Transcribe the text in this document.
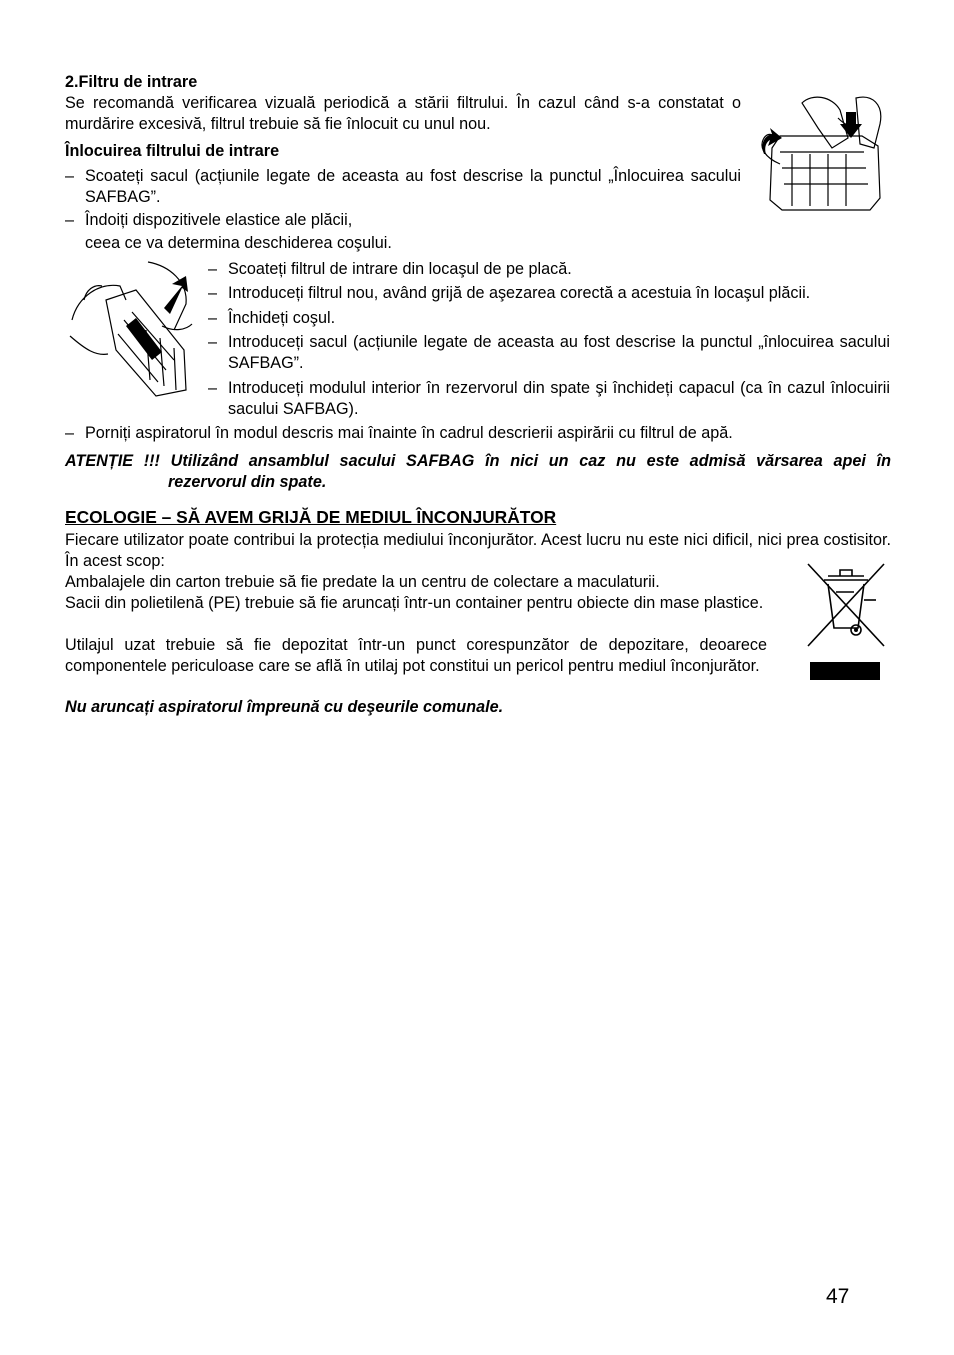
2.Filtru de intrare
Se recomandă verificarea vizuală periodică a stării filtrului. În cazul când s-a constatat o murdărire excesivă, filtrul trebuie să fie înlocuit cu unul nou.
Înlocuirea filtrului de intrare
– Scoateți sacul (acțiunile legate de aceasta au fost descrise la punctul „Înlocuirea sacului SAFBAG”.
– Îndoiți dispozitivele elastice ale plăcii,
ceea ce va determina deschiderea coşului.
– Scoateți filtrul de intrare din locaşul de pe placă.
– Introduceți filtrul nou, având grijă de aşezarea corectă a acestuia în locaşul plăcii.
– Închideți coşul.
– Introduceți sacul (acțiunile legate de aceasta au fost descrise la punctul „înlocuirea sacului SAFBAG”.
– Introduceți modulul interior în rezervorul din spate şi închideți capacul (ca în cazul înlocuirii sacului SAFBAG).
– Porniți aspiratorul în modul descris mai înainte în cadrul descrierii aspirării cu filtrul de apă.
ATENȚIE !!! Utilizând ansamblul sacului SAFBAG în nici un caz nu este admisă vărsarea apei în
rezervorul din spate.
ECOLOGIE – SĂ AVEM GRIJĂ DE MEDIUL ÎNCONJURĂTOR
Fiecare utilizator poate contribui la protecția mediului înconjurător. Acest lucru nu este nici dificil, nici prea costisitor. În acest scop:
Ambalajele din carton trebuie să fie predate la un centru de colectare a maculaturii.
Sacii din polietilenă (PE) trebuie să fie aruncați într-un container pentru obiecte din mase plastice.
Utilajul uzat trebuie să fie depozitat într-un punct corespunzător de depozitare, deoarece componentele periculoase care se află în utilaj pot constitui un pericol pentru mediul înconjurător.
Nu aruncați aspiratorul împreună cu deşeurile comunale.
47
